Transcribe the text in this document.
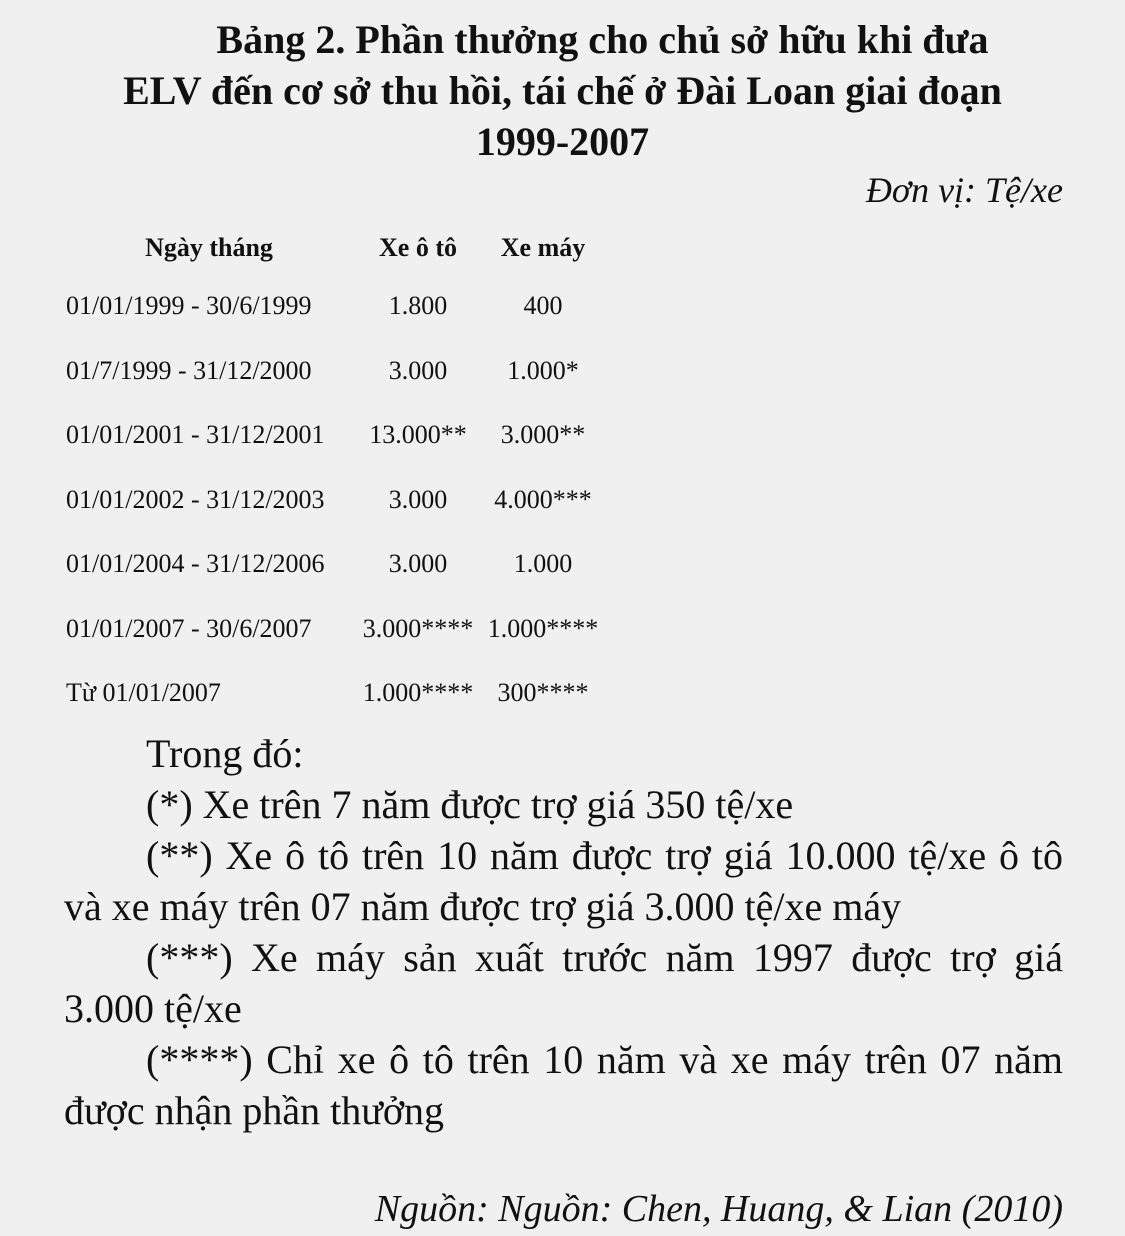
Bảng 2. Phần thưởng cho chủ sở hữu khi đưa
ELV đến cơ sở thu hồi, tái chế ở Đài Loan giai đoạn
1999-2007
Đơn vị: Tệ/xe
Ngày tháng	Xe ô tô	Xe máy
01/01/1999 - 30/6/1999	1.800	400
01/7/1999 - 31/12/2000	3.000	1.000*
01/01/2001 - 31/12/2001	13.000**	3.000**
01/01/2002 - 31/12/2003	3.000	4.000***
01/01/2004 - 31/12/2006	3.000	1.000
01/01/2007 - 30/6/2007	3.000****	1.000****
Từ 01/01/2007	1.000****	300****

Trong đó:

(*) Xe trên 7 năm được trợ giá 350 tệ/xe

(**) Xe ô tô trên 10 năm được trợ giá 10.000 tệ/xe ô tô và xe máy trên 07 năm được trợ giá 3.000 tệ/xe máy

(***) Xe máy sản xuất trước năm 1997 được trợ giá 3.000 tệ/xe

(****) Chỉ xe ô tô trên 10 năm và xe máy trên 07 năm được nhận phần thưởng

Nguồn: Nguồn: Chen, Huang, & Lian (2010)
